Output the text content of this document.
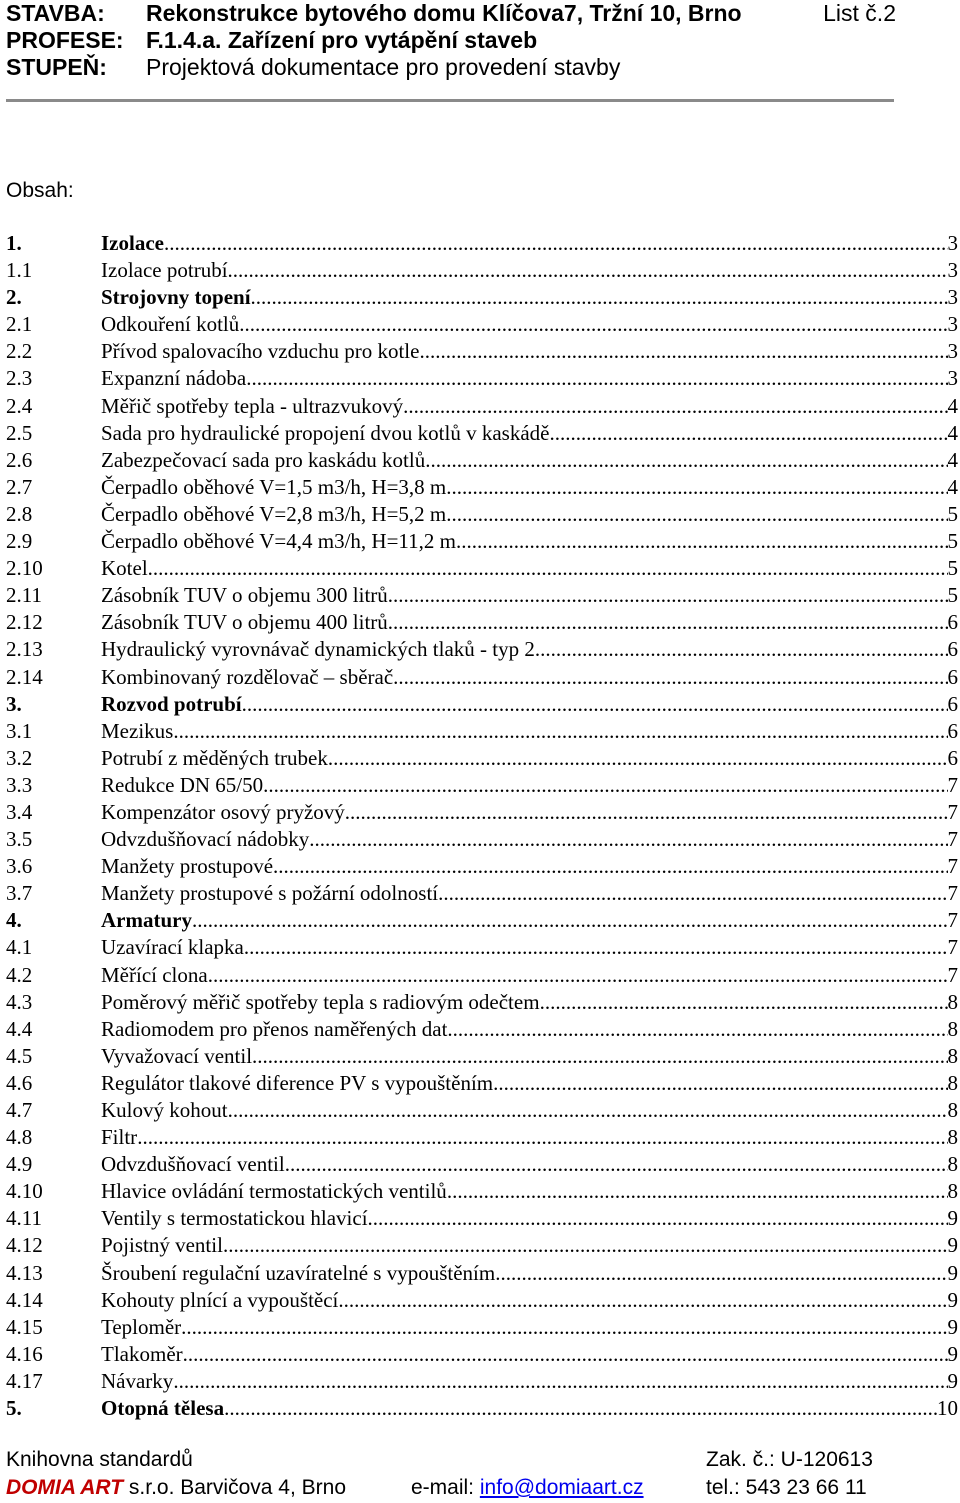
STAVBA: Rekonstrukce bytového domu Klíčova7, Tržní 10, Brno	List č.2
PROFESE: F.1.4.a. Zařízení pro vytápění staveb
STUPEŇ: Projektová dokumentace pro provedení stavby
Obsah:
1.	Izolace .....	3
1.1	Izolace potrubí .....	3
2.	Strojovny topení .....	3
2.1	Odkouření kotlů .....	3
2.2	Přívod spalovacího vzduchu pro kotle .....	3
2.3	Expanzní nádoba .....	3
2.4	Měřič spotřeby tepla - ultrazvukový .....	4
2.5	Sada pro hydraulické propojení dvou kotlů v kaskádě .....	4
2.6	Zabezpečovací sada pro kaskádu kotlů .....	4
2.7	Čerpadlo oběhové V=1,5 m3/h, H=3,8 m .....	4
2.8	Čerpadlo oběhové V=2,8 m3/h, H=5,2 m .....	5
2.9	Čerpadlo oběhové V=4,4 m3/h, H=11,2 m .....	5
2.10	Kotel .....	5
2.11	Zásobník TUV o objemu 300 litrů .....	5
2.12	Zásobník TUV o objemu 400 litrů .....	6
2.13	Hydraulický vyrovnávač dynamických tlaků - typ 2 .....	6
2.14	Kombinovaný rozdělovač – sběrač .....	6
3.	Rozvod potrubí .....	6
3.1	Mezikus .....	6
3.2	Potrubí z měděných trubek .....	6
3.3	Redukce DN 65/50 .....	7
3.4	Kompenzátor osový pryžový .....	7
3.5	Odvzdušňovací nádobky .....	7
3.6	Manžety prostupové .....	7
3.7	Manžety prostupové s požární odolností .....	7
4.	Armatury .....	7
4.1	Uzavírací klapka .....	7
4.2	Měřící clona .....	7
4.3	Poměrový měřič spotřeby tepla s radiovým odečtem .....	8
4.4	Radiomodem pro přenos naměřených dat .....	8
4.5	Vyvažovací ventil .....	8
4.6	Regulátor tlakové diference PV s vypouštěním .....	8
4.7	Kulový kohout .....	8
4.8	Filtr .....	8
4.9	Odvzdušňovací ventil .....	8
4.10	Hlavice ovládání termostatických ventilů .....	8
4.11	Ventily s termostatickou hlavicí .....	9
4.12	Pojistný ventil .....	9
4.13	Šroubení regulační uzavíratelné s vypouštěním .....	9
4.14	Kohouty plnící a vypouštěcí .....	9
4.15	Teploměr .....	9
4.16	Tlakoměr .....	9
4.17	Návarky .....	9
5.	Otopná tělesa .....	10
Knihovna standardů	Zak. č.: U-120613
DOMIA ART s.r.o. Barvičova 4, Brno	e-mail: info@domiaart.cz	tel.: 543 23 66 11
